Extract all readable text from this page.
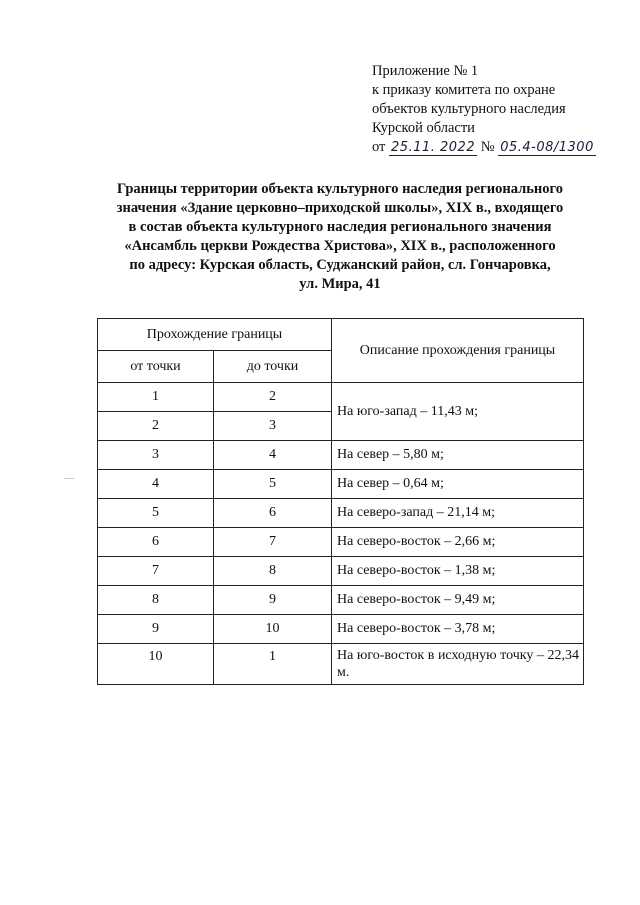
Приложение № 1
к приказу комитета по охране
объектов культурного наследия
Курской области
от 25.11. 2022 № 05.4-08/1300
Границы территории объекта культурного наследия регионального
значения «Здание церковно–приходской школы», XIX в., входящего
в состав объекта культурного наследия регионального значения
«Ансамбль церкви Рождества Христова», XIX в., расположенного
по адресу: Курская область, Суджанский район, сл. Гончаровка,
ул. Мира, 41
Прохождение границы		Описание прохождения границы
от точки	до точки	
1	2	На юго-запад – 11,43 м;
2	3	
3	4	На север – 5,80 м;
4	5	На север – 0,64 м;
5	6	На северо-запад – 21,14 м;
6	7	На северо-восток – 2,66 м;
7	8	На северо-восток – 1,38 м;
8	9	На северо-восток – 9,49 м;
9	10	На северо-восток – 3,78 м;
10	1	На юго-восток в исходную точку – 22,34 м.
